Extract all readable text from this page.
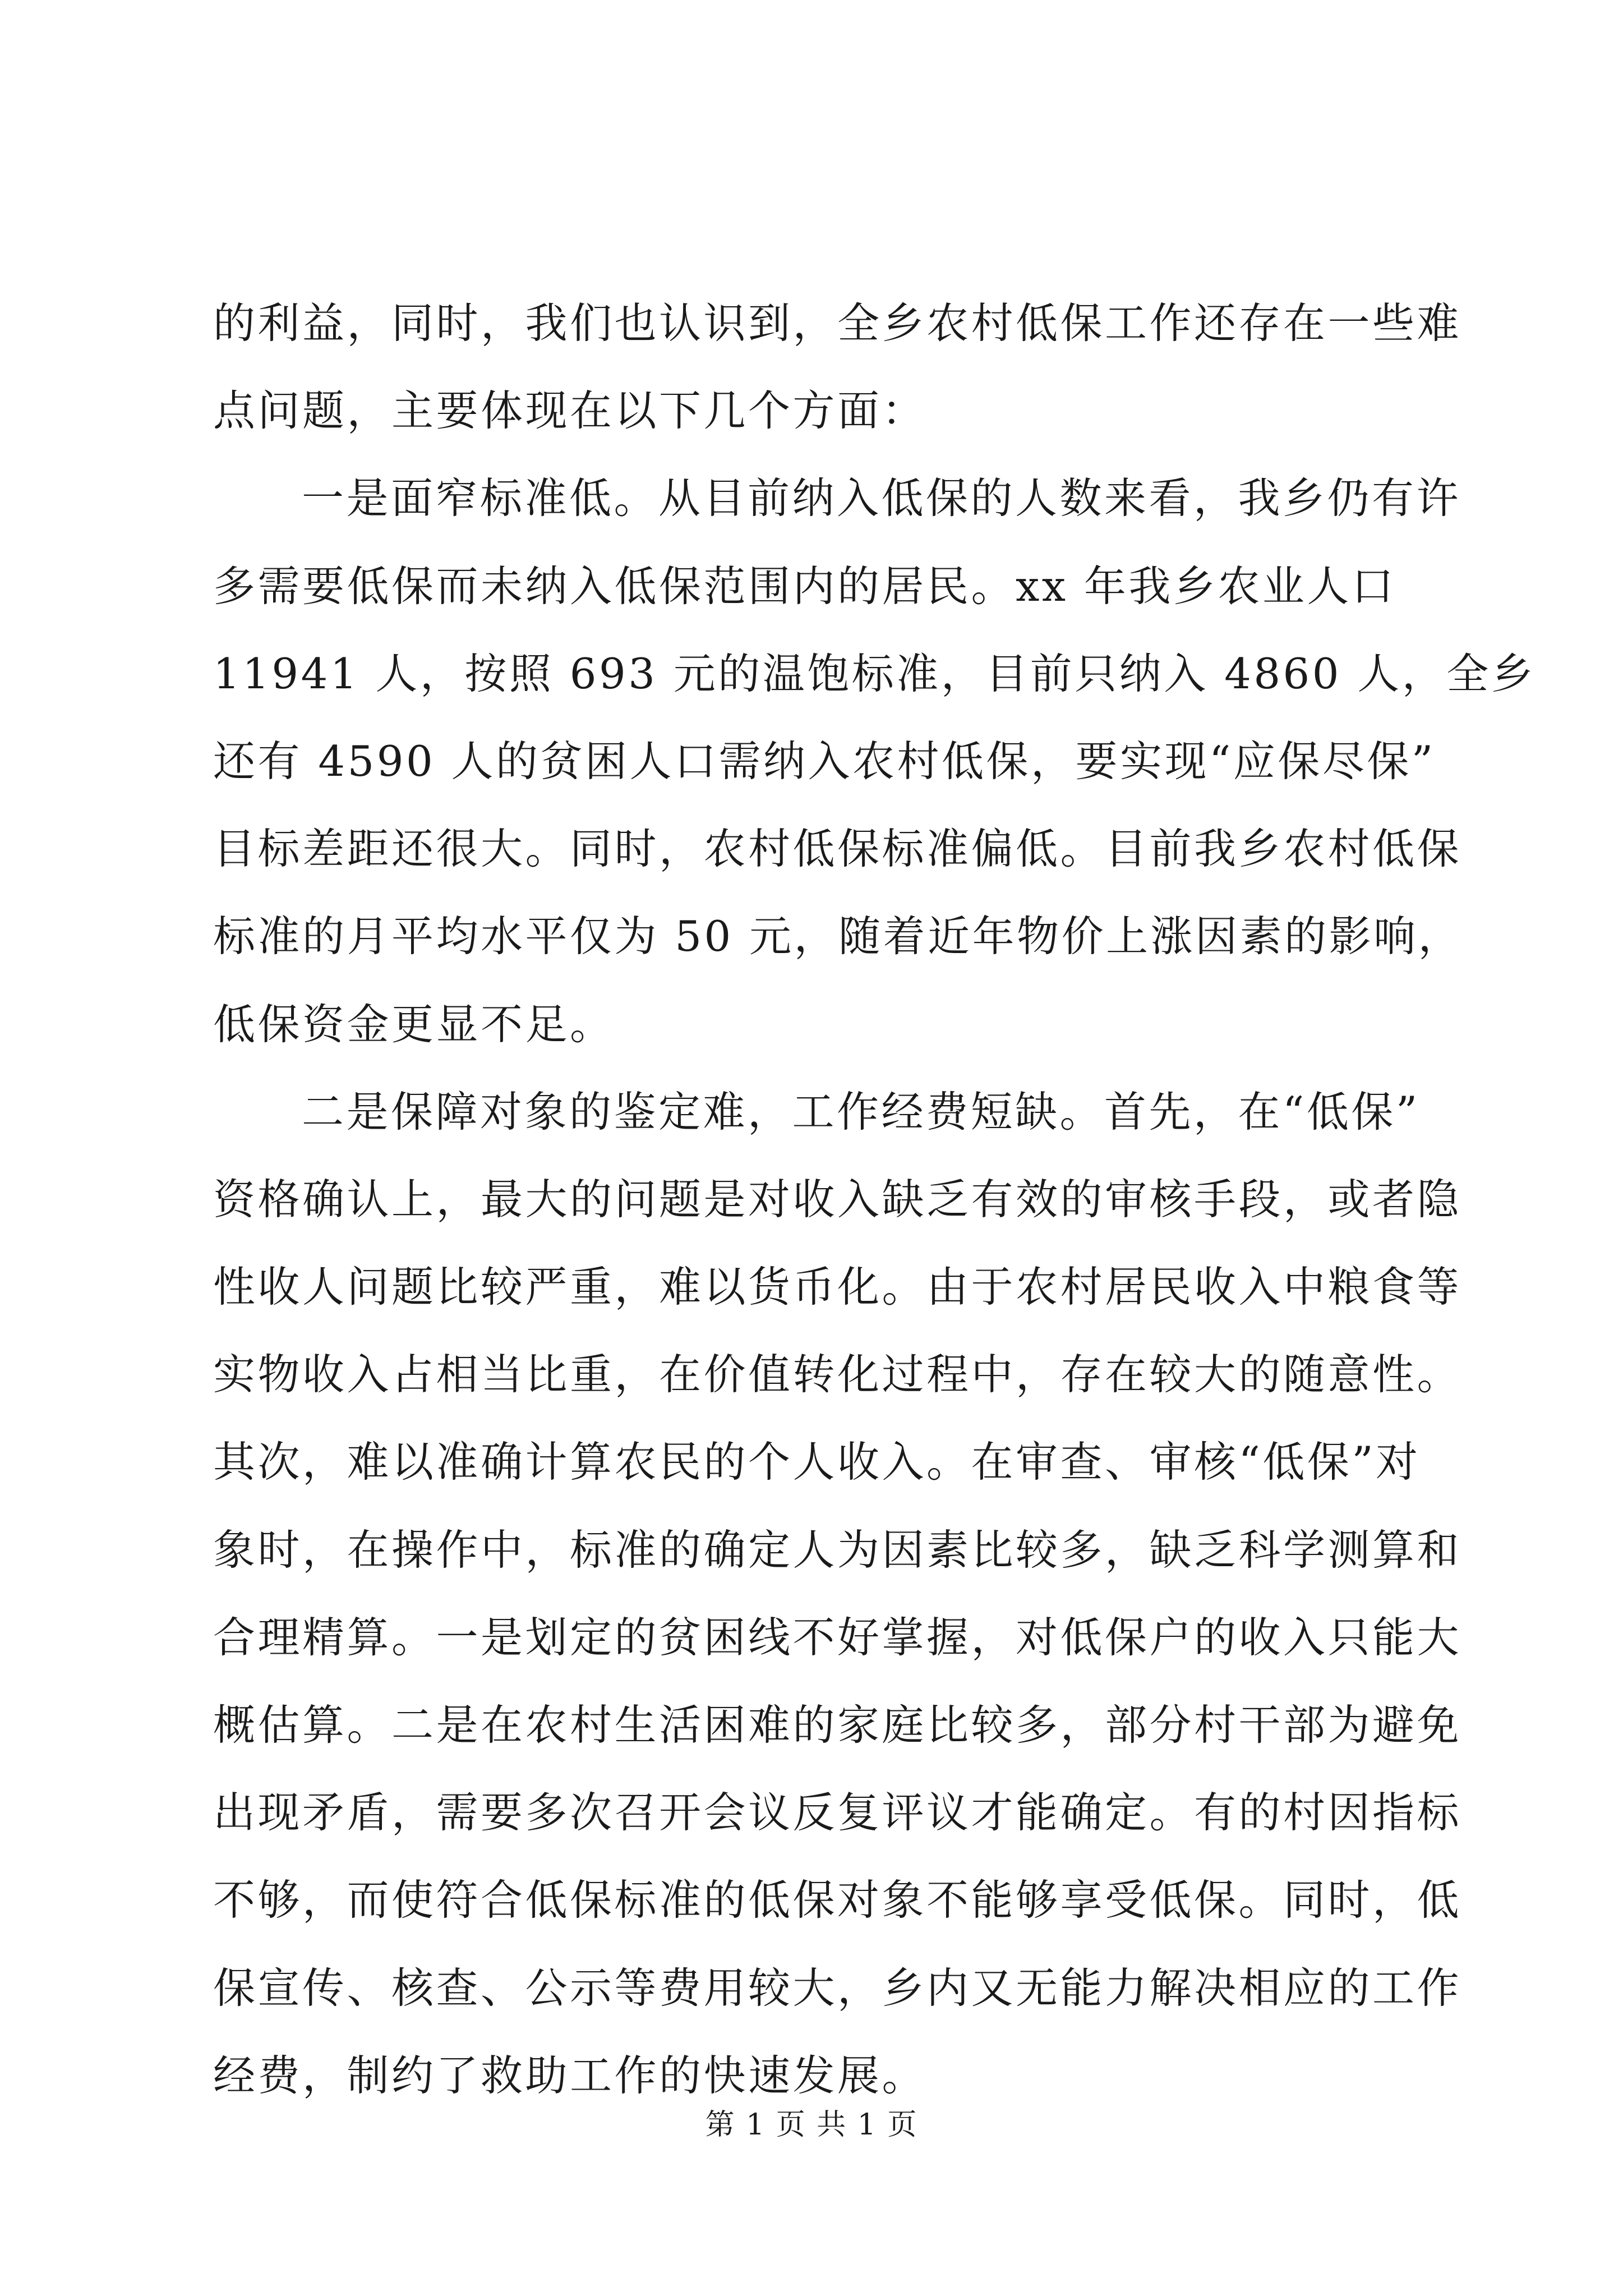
的利益，同时，我们也认识到，全乡农村低保工作还存在一些难
点问题，主要体现在以下几个方面：
一是面窄标准低。从目前纳入低保的人数来看，我乡仍有许
多需要低保而未纳入低保范围内的居民。xx 年我乡农业人口
11941 人，按照 693 元的温饱标准，目前只纳入 4860 人，全乡
还有 4590 人的贫困人口需纳入农村低保，要实现“应保尽保”
目标差距还很大。同时，农村低保标准偏低。目前我乡农村低保
标准的月平均水平仅为 50 元，随着近年物价上涨因素的影响，
低保资金更显不足。
二是保障对象的鉴定难，工作经费短缺。首先，在“低保”
资格确认上，最大的问题是对收入缺乏有效的审核手段，或者隐
性收人问题比较严重，难以货币化。由于农村居民收入中粮食等
实物收入占相当比重，在价值转化过程中，存在较大的随意性。
其次，难以准确计算农民的个人收入。在审查、审核“低保”对
象时，在操作中，标准的确定人为因素比较多，缺乏科学测算和
合理精算。一是划定的贫困线不好掌握，对低保户的收入只能大
概估算。二是在农村生活困难的家庭比较多，部分村干部为避免
出现矛盾，需要多次召开会议反复评议才能确定。有的村因指标
不够，而使符合低保标准的低保对象不能够享受低保。同时，低
保宣传、核查、公示等费用较大，乡内又无能力解决相应的工作
经费，制约了救助工作的快速发展。
第 1 页 共 1 页
